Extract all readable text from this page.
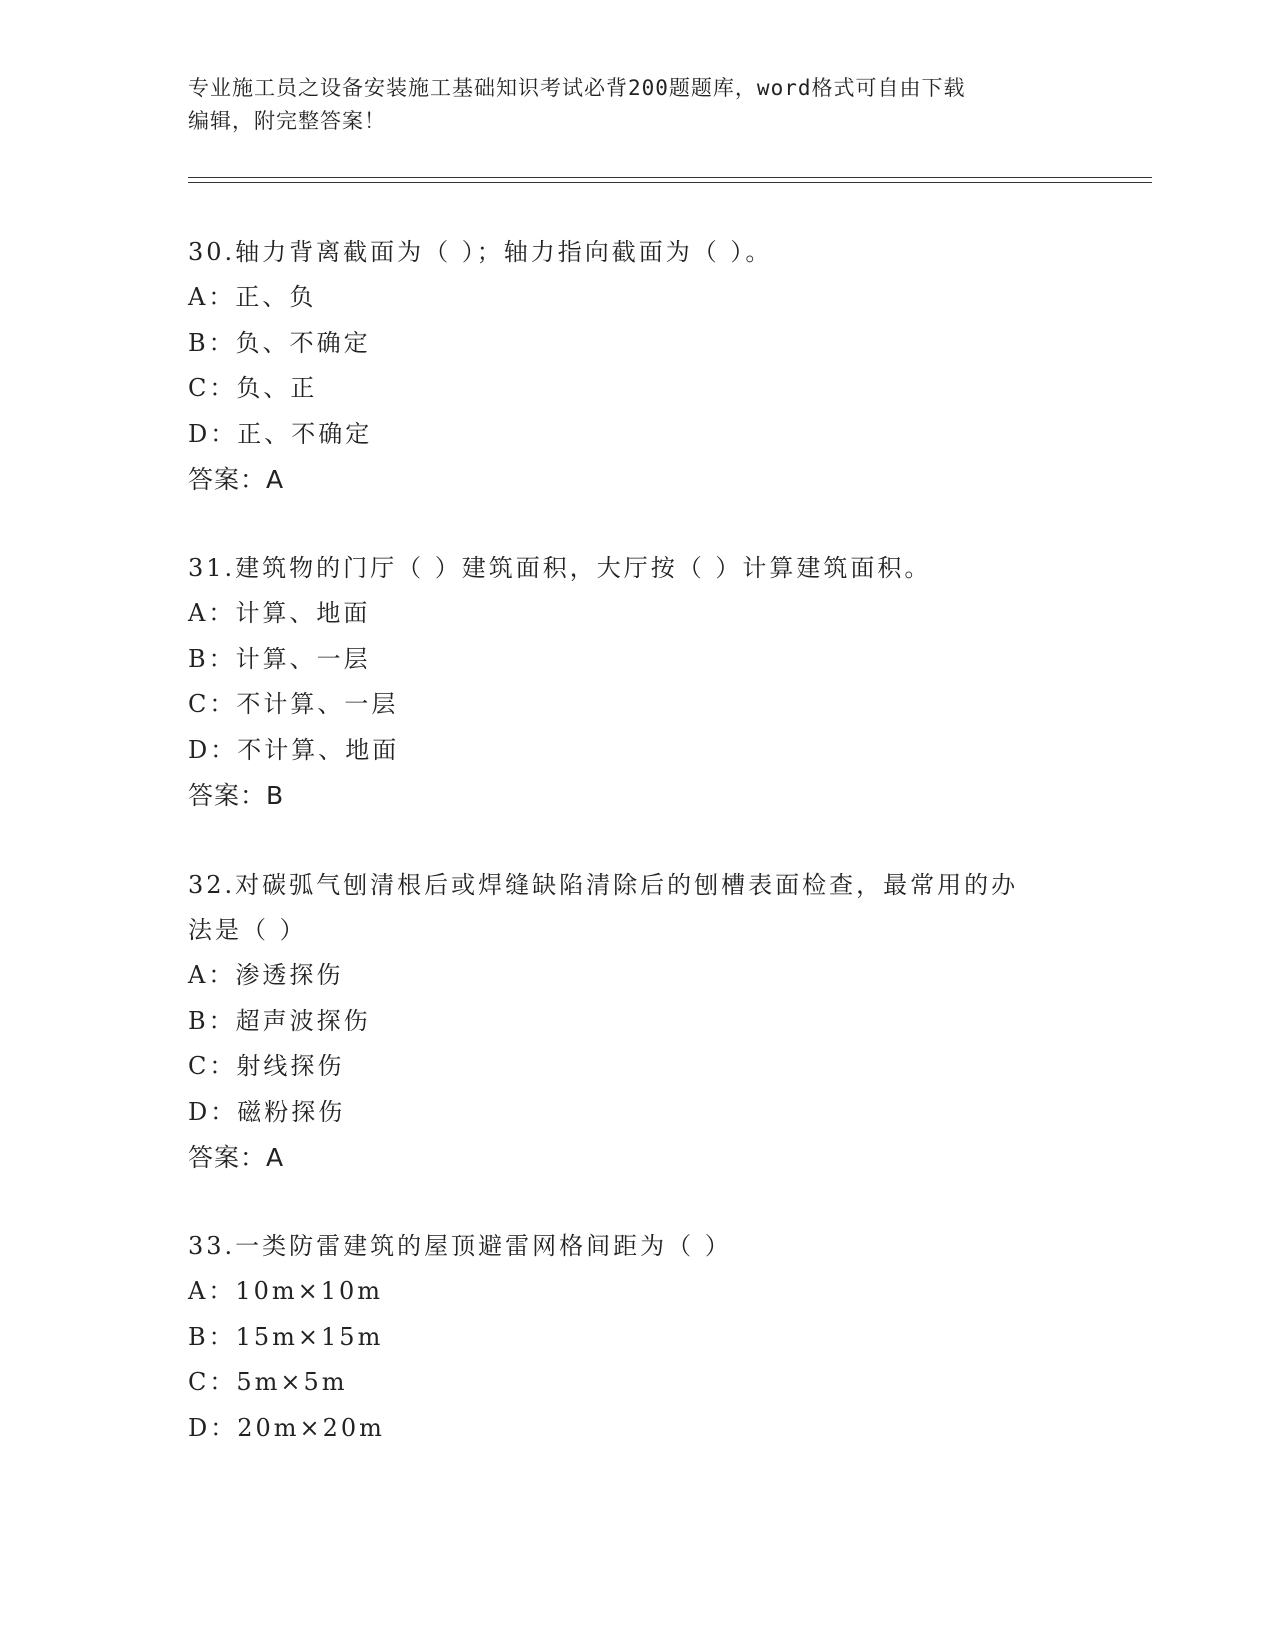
专业施工员之设备安装施工基础知识考试必背200题题库，word格式可自由下载
编辑，附完整答案！
30.轴力背离截面为（ ）；轴力指向截面为（ ）。
A：正、负
B：负、不确定
C：负、正
D：正、不确定
答案：A
31.建筑物的门厅（ ）建筑面积，大厅按（ ）计算建筑面积。
A：计算、地面
B：计算、一层
C：不计算、一层
D：不计算、地面
答案：B
32.对碳弧气刨清根后或焊缝缺陷清除后的刨槽表面检查，最常用的办
法是（ ）
A：渗透探伤
B：超声波探伤
C：射线探伤
D：磁粉探伤
答案：A
33.一类防雷建筑的屋顶避雷网格间距为（ ）
A：10m×10m
B：15m×15m
C：5m×5m
D：20m×20m
